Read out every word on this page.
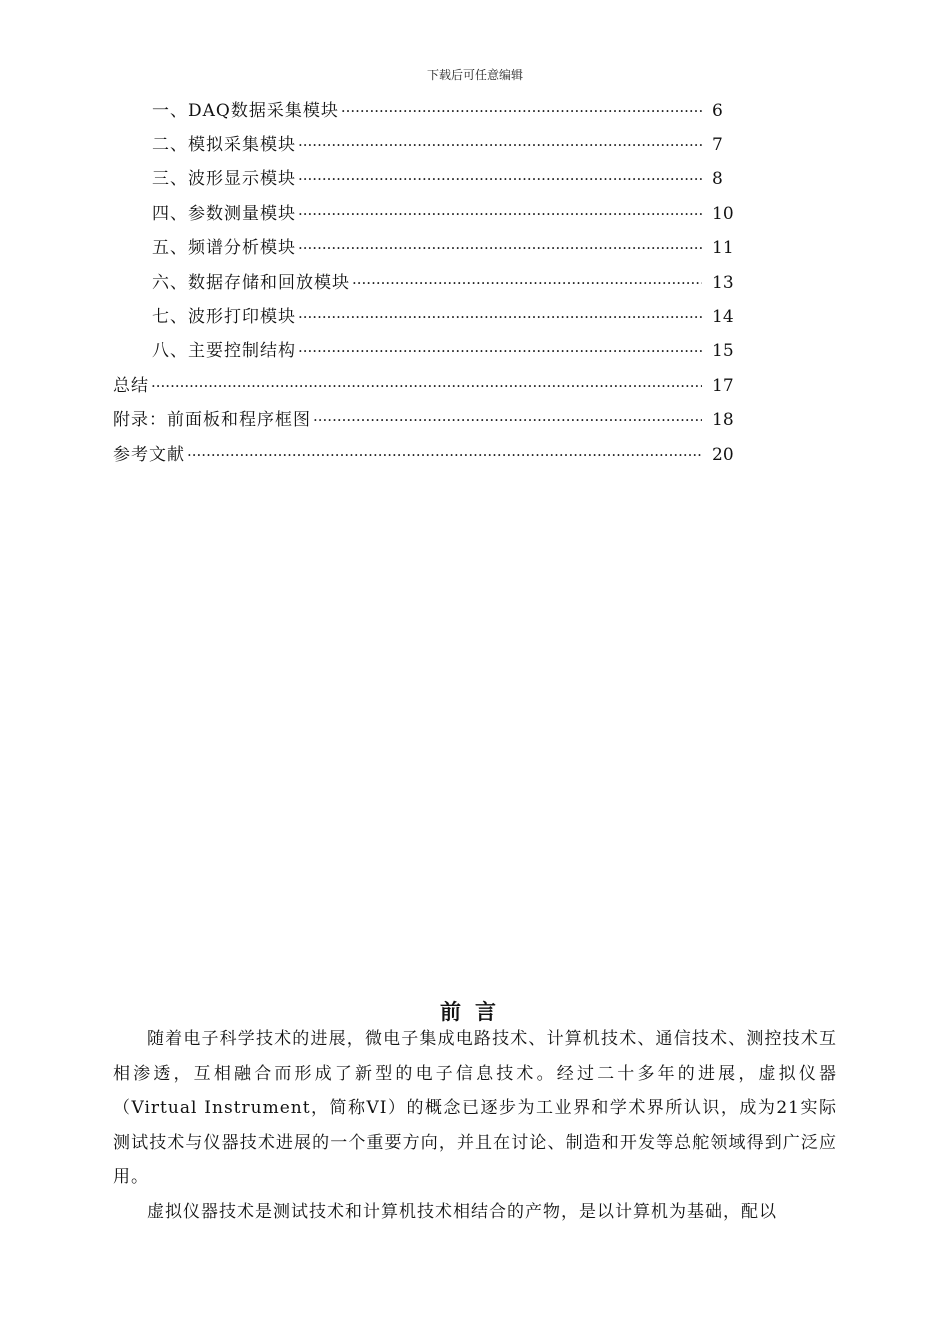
下载后可任意编辑
一、DAQ数据采集模块 ·····	6
二、模拟采集模块 ·····	7
三、波形显示模块 ·····	8
四、参数测量模块 ·····	10
五、频谱分析模块 ·····	11
六、数据存储和回放模块 ·····	13
七、波形打印模块 ·····	14
八、主要控制结构 ·····	15
总结 ·····	17
附录：前面板和程序框图 ·····	18
参考文献 ·····	20
前言

随着电子科学技术的进展，微电子集成电路技术、计算机技术、通信技术、测控技术互相渗透，互相融合而形成了新型的电子信息技术。经过二十多年的进展，虚拟仪器（Virtual Instrument，简称VI）的概念已逐步为工业界和学术界所认识，成为21实际测试技术与仪器技术进展的一个重要方向，并且在讨论、制造和开发等总舵领域得到广泛应用。

虚拟仪器技术是测试技术和计算机技术相结合的产物，是以计算机为基础，配以
